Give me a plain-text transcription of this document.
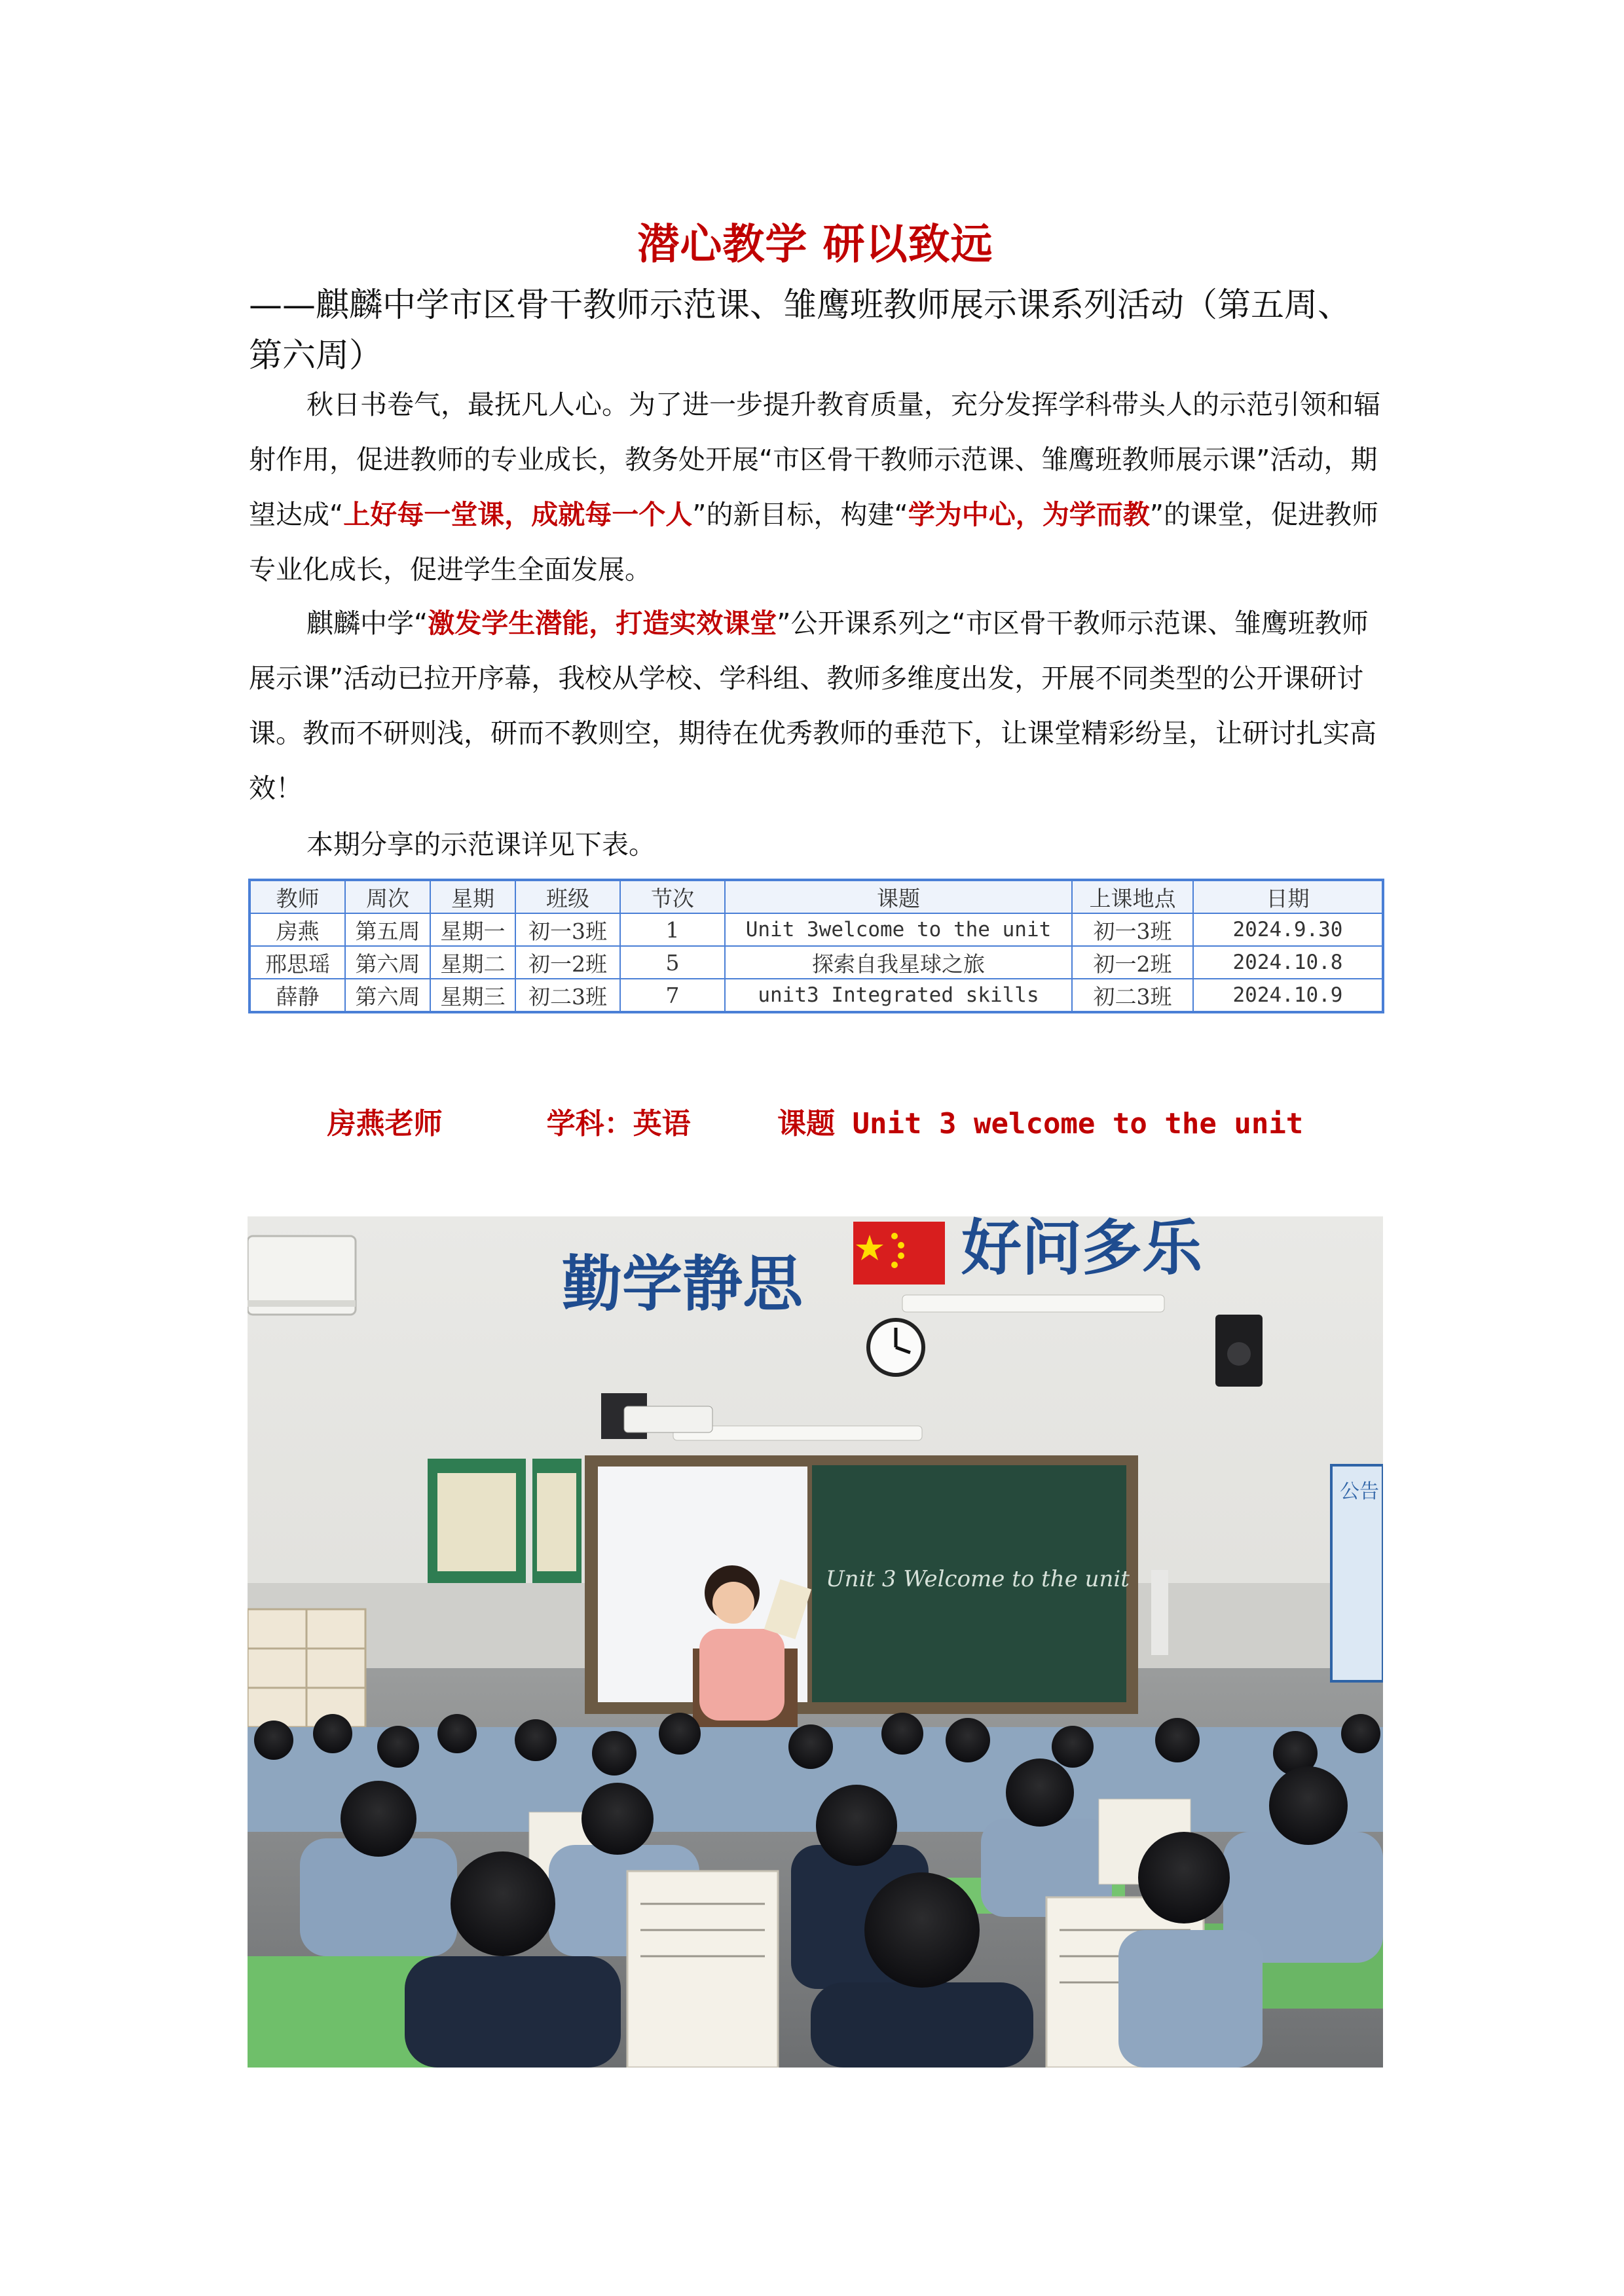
潜心教学 研以致远

——麒麟中学市区骨干教师示范课、雏鹰班教师展示课系列活动（第五周、第六周）

秋日书卷气，最抚凡人心。为了进一步提升教育质量，充分发挥学科带头人的示范引领和辐射作用，促进教师的专业成长，教务处开展“市区骨干教师示范课、雏鹰班教师展示课”活动，期望达成“上好每一堂课，成就每一个人”的新目标，构建“学为中心，为学而教”的课堂，促进教师专业化成长，促进学生全面发展。

麒麟中学“激发学生潜能，打造实效课堂”公开课系列之“市区骨干教师示范课、雏鹰班教师展示课”活动已拉开序幕，我校从学校、学科组、教师多维度出发，开展不同类型的公开课研讨课。教而不研则浅，研而不教则空，期待在优秀教师的垂范下，让课堂精彩纷呈，让研讨扎实高效！

本期分享的示范课详见下表。

教师	周次	星期	班级	节次	课题	上课地点	日期
房燕	第五周	星期一	初一3班	1	Unit 3welcome to the unit	初一3班	2024.9.30
邢思瑶	第六周	星期二	初一2班	5	探索自我星球之旅	初一2班	2024.10.8
薛静	第六周	星期三	初二3班	7	unit3 Integrated skills	初二3班	2024.10.9
房燕老师      学科：英语     课题 Unit 3 welcome to the unit
勤学静思
好问多乐
公告
Unit 3 Welcome to the unit
